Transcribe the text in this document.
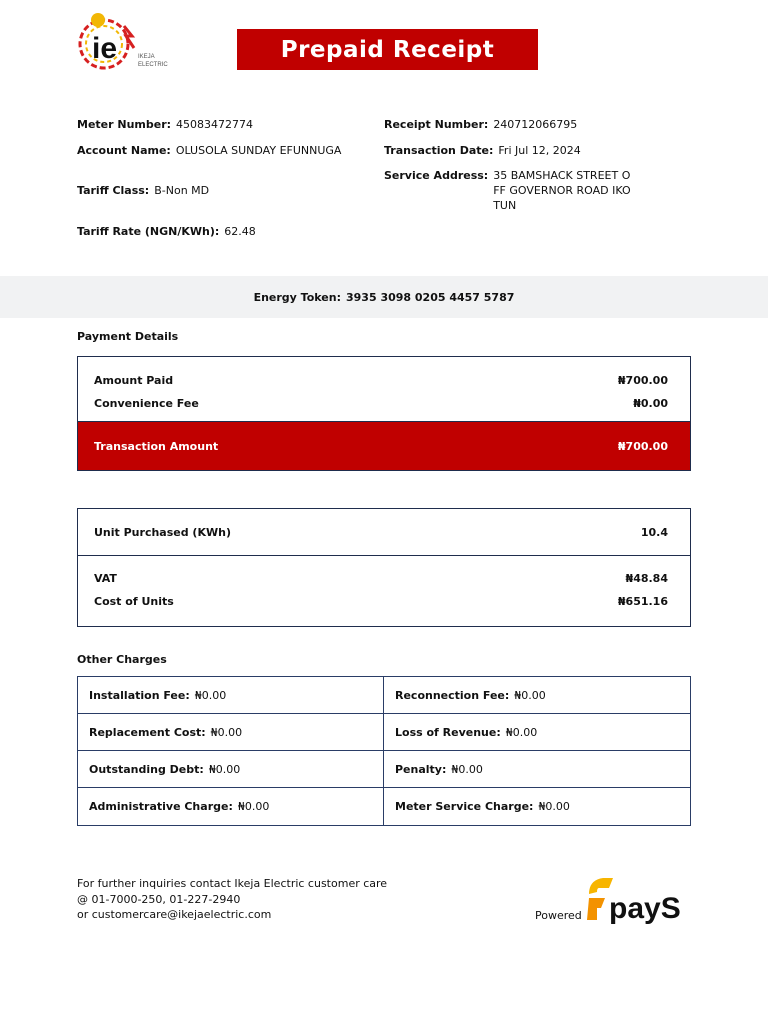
ie	IKEJA
ELECTRIC
Prepaid Receipt
Meter Number: 45083472774
Account Name: OLUSOLA SUNDAY EFUNNUGA
Tariff Class: B-Non MD
Tariff Rate (NGN/KWh): 62.48
Receipt Number: 240712066795
Transaction Date: Fri Jul 12, 2024
Service Address: 35 BAMSHACK STREET OFF GOVERNOR ROAD IKOTUN
Energy Token: 3935 3098 0205 4457 5787
Payment Details
Amount Paid	₦700.00
Convenience Fee	₦0.00
Transaction Amount	₦700.00
Unit Purchased (KWh)	10.4
VAT	₦48.84
Cost of Units	₦651.16
Other Charges
Installation Fee: ₦0.00	Reconnection Fee: ₦0.00
Replacement Cost: ₦0.00	Loss of Revenue: ₦0.00
Outstanding Debt: ₦0.00	Penalty: ₦0.00
Administrative Charge: ₦0.00	Meter Service Charge: ₦0.00
For further inquiries contact Ikeja Electric customer care
@ 01-7000-250, 01-227-2940
or customercare@ikejaelectric.com	Powered payS
